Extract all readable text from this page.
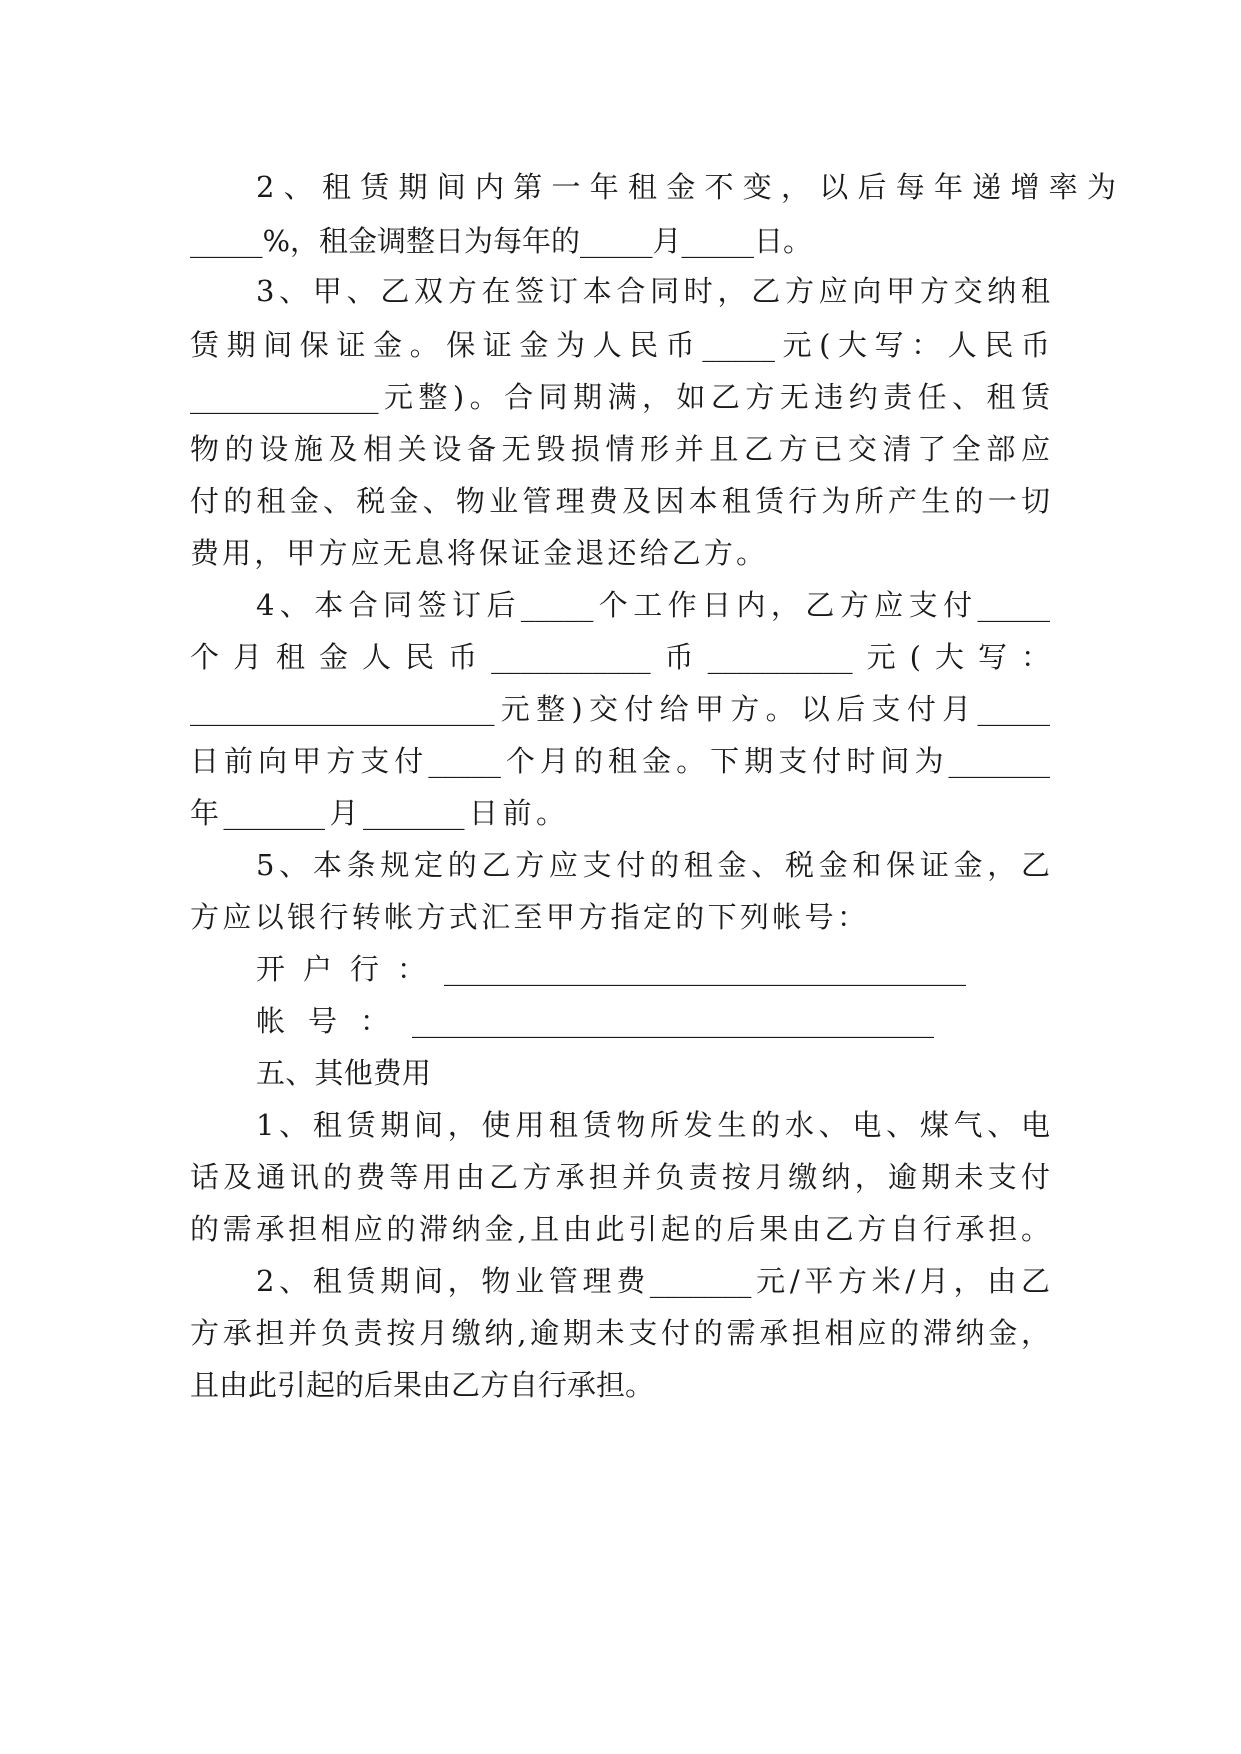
2、租赁期间内第一年租金不变，以后每年递增率为
_____%，租金调整日为每年的_____月_____日。
3、甲、乙双方在签订本合同时，乙方应向甲方交纳租
赁期间保证金。保证金为人民币_____元(大写：人民币
_____________元整)。合同期满，如乙方无违约责任、租赁
物的设施及相关设备无毁损情形并且乙方已交清了全部应
付的租金、税金、物业管理费及因本租赁行为所产生的一切
费用，甲方应无息将保证金退还给乙方。
4、本合同签订后_____个工作日内，乙方应支付_____
个月租金人民币___________币__________元(大写：
_____________________元整)交付给甲方。以后支付月_____
日前向甲方支付_____个月的租金。下期支付时间为_______
年_______月_______日前。
5、本条规定的乙方应支付的租金、税金和保证金，乙
方应以银行转帐方式汇至甲方指定的下列帐号：
开户行：____________________________________
帐号：____________________________________
五、其他费用
1、租赁期间，使用租赁物所发生的水、电、煤气、电
话及通讯的费等用由乙方承担并负责按月缴纳，逾期未支付
的需承担相应的滞纳金,且由此引起的后果由乙方自行承担。
2、租赁期间，物业管理费_______元/平方米/月，由乙
方承担并负责按月缴纳,逾期未支付的需承担相应的滞纳金，
且由此引起的后果由乙方自行承担。
